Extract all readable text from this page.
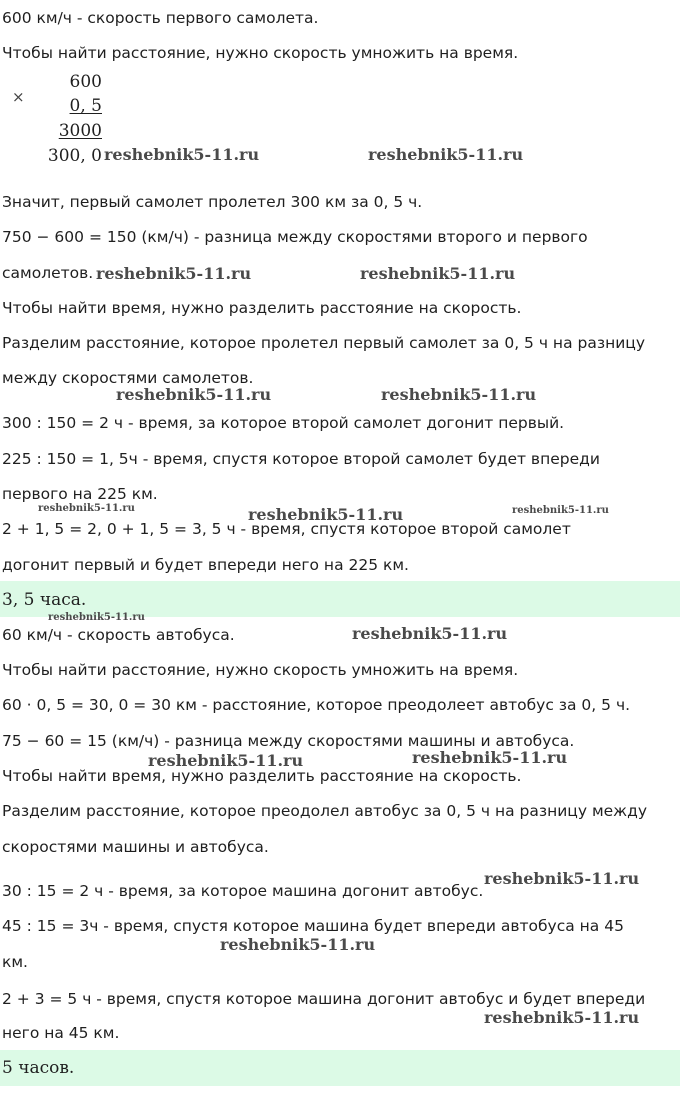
600 км/ч - скорость первого самолета.
Чтобы найти расстояние, нужно скорость умножить на время.
×
600
0, 5
3000
300, 0
Значит, первый самолет пролетел 300 км за 0, 5 ч.
750 − 600 = 150 (км/ч) - разница между скоростями второго и первого
самолетов.
Чтобы найти время, нужно разделить расстояние на скорость.
Разделим расстояние, которое пролетел первый самолет за 0, 5 ч на разницу
между скоростями самолетов.
300 : 150 = 2 ч - время, за которое второй самолет догонит первый.
225 : 150 = 1, 5ч - время, спустя которое второй самолет будет впереди
первого на 225 км.
2 + 1, 5 = 2, 0 + 1, 5 = 3, 5 ч - время, спустя которое второй самолет
догонит первый и будет впереди него на 225 км.
3, 5 часа.
60 км/ч - скорость автобуса.
Чтобы найти расстояние, нужно скорость умножить на время.
60 · 0, 5 = 30, 0 = 30 км - расстояние, которое преодолеет автобус за 0, 5 ч.
75 − 60 = 15 (км/ч) - разница между скоростями машины и автобуса.
Чтобы найти время, нужно разделить расстояние на скорость.
Разделим расстояние, которое преодолел автобус за 0, 5 ч на разницу между
скоростями машины и автобуса.
30 : 15 = 2 ч - время, за которое машина догонит автобус.
45 : 15 = 3ч - время, спустя которое машина будет впереди автобуса на 45
км.
2 + 3 = 5 ч - время, спустя которое машина догонит автобус и будет впереди
него на 45 км.
5 часов.
reshebnik5-11.ru	reshebnik5-11.ru
reshebnik5-11.ru	reshebnik5-11.ru
reshebnik5-11.ru	reshebnik5-11.ru
reshebnik5-11.ru	reshebnik5-11.ru	reshebnik5-11.ru
reshebnik5-11.ru
reshebnik5-11.ru
reshebnik5-11.ru	reshebnik5-11.ru
reshebnik5-11.ru
reshebnik5-11.ru
reshebnik5-11.ru
